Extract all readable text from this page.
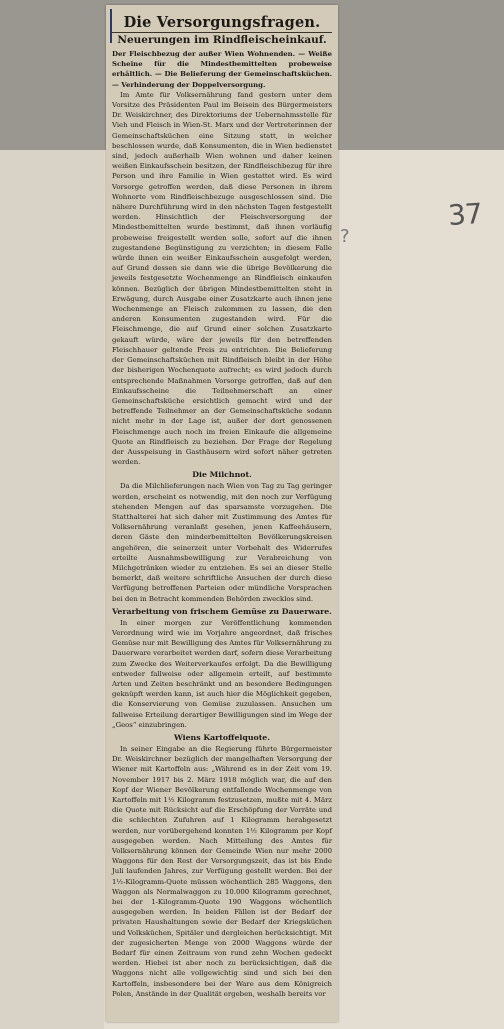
37
?
Die Versorgungsfragen.
Neuerungen im Rindfleischeinkauf.

Der Fleischbezug der außer Wien Wohnenden. — Weiße Scheine für die Mindestbemittelten probeweise erhältlich. — Die Belieferung der Gemeinschaftsküchen. — Verhinderung der Doppelversorgung.

Im Amte für Volksernährung fand gestern unter dem Vorsitze des Präsidenten Paul im Beisein des Bürgermeisters Dr. Weiskirchner, des Direktoriums der Uebernahmsstelle für Vieh und Fleisch in Wien-St. Marx und der Vertreterinnen der Gemeinschaftsküchen eine Sitzung statt, in welcher beschlossen wurde, daß Konsumenten, die in Wien bedienstet sind, jedoch außerhalb Wien wohnen und daher keinen weißen Einkaufsschein besitzen, der Rindfleischbezug für ihre Person und ihre Familie in Wien gestattet wird. Es wird Vorsorge getroffen werden, daß diese Personen in ihrem Wohnorte vom Rindfleischbezuge ausgeschlossen sind. Die nähere Durchführung wird in den nächsten Tagen festgestellt werden. Hinsichtlich der Fleischversorgung der Mindestbemittelten wurde bestimmt, daß ihnen vorläufig probeweise freigestellt werden solle, sofort auf die ihnen zugestandene Begünstigung zu verzichten; in diesem Falle würde ihnen ein weißer Einkaufsschein ausgefolgt werden, auf Grund dessen sie dann wie die übrige Bevölkerung die jeweils festgesetzte Wochenmenge an Rindfleisch einkaufen können. Bezüglich der übrigen Mindestbemittelten steht in Erwägung, durch Ausgabe einer Zusatzkarte auch ihnen jene Wochenmenge an Fleisch zukommen zu lassen, die den anderen Konsumenten zugestanden wird. Für die Fleischmenge, die auf Grund einer solchen Zusatzkarte gekauft würde, wäre der jeweils für den betreffenden Fleischhauer geltende Preis zu entrichten. Die Belieferung der Gemeinschaftsküchen mit Rindfleisch bleibt in der Höhe der bisherigen Wochenquote aufrecht; es wird jedoch durch entsprechende Maßnahmen Vorsorge getroffen, daß auf den Einkaufsscheine die Teilnehmerschaft an einer Gemeinschaftsküche ersichtlich gemacht wird und der betreffende Teilnehmer an der Gemeinschaftsküche sodann nicht mehr in der Lage ist, außer der dort genossenen Fleischmenge auch noch im freien Einkaufe die allgemeine Quote an Rindfleisch zu beziehen. Der Frage der Regelung der Ausspeisung in Gasthäusern wird sofort näher getreten werden.

Die Milchnot.

Da die Milchlieferungen nach Wien von Tag zu Tag geringer werden, erscheint es notwendig, mit den noch zur Verfügung stehenden Mengen auf das sparsamste vorzugehen. Die Statthalterei hat sich daher mit Zustimmung des Amtes für Volksernährung veranlaßt gesehen, jenen Kaffeehäusern, deren Gäste den minderbemittelten Bevölkerungskreisen angehören, die seinerzeit unter Vorbehalt des Widerrufes erteilte Ausnahmsbewilligung zur Verabreichung von Milchgetränken wieder zu entziehen. Es sei an dieser Stelle bemerkt, daß weitere schriftliche Ansuchen der durch diese Verfügung betroffenen Parteien oder mündliche Vorsprachen bei den in Betracht kommenden Behörden zwecklos sind.

Verarbeitung von frischem Gemüse zu Dauerware.

In einer morgen zur Veröffentlichung kommenden Verordnung wird wie im Vorjahre angeordnet, daß frisches Gemüse nur mit Bewilligung des Amtes für Volksernährung zu Dauerware verarbeitet werden darf, sofern diese Verarbeitung zum Zwecke des Weiterverkaufes erfolgt. Da die Bewilligung entweder fallweise oder allgemein erteilt, auf bestimmte Arten und Zeiten beschränkt und an besondere Bedingungen geknüpft werden kann, ist auch hier die Möglichkeit gegeben, die Konservierung von Gemüse zuzulassen. Ansuchen um fallweise Erteilung derartiger Bewilligungen sind im Wege der „Geos“ einzubringen.

Wiens Kartoffelquote.

In seiner Eingabe an die Regierung führte Bürgermeister Dr. Weiskirchner bezüglich der mangelhaften Versorgung der Wiener mit Kartoffeln aus: „Während es in der Zeit vom 19. November 1917 bis 2. März 1918 möglich war, die auf den Kopf der Wiener Bevölkerung entfallende Wochenmenge von Kartoffeln mit 1½ Kilogramm festzusetzen, mußte mit 4. März die Quote mit Rücksicht auf die Erschöpfung der Vorräte und die schlechten Zufuhren auf 1 Kilogramm herabgesetzt werden, nur vorübergehend konnten 1½ Kilogramm per Kopf ausgegeben werden. Nach Mitteilung des Amtes für Volksernährung können der Gemeinde Wien nur mehr 2000 Waggons für den Rest der Versorgungszeit, das ist bis Ende Juli laufenden Jahres, zur Verfügung gestellt werden. Bei der 1½-Kilogramm-Quote müssen wöchentlich 285 Waggons, den Waggon als Normalwaggon zu 10.000 Kilogramm gerechnet, bei der 1-Kilogramm-Quote 190 Waggons wöchentlich ausgegeben werden. In beiden Fällen ist der Bedarf der privaten Haushaltungen sowie der Bedarf der Kriegsküchen und Volksküchen, Spitäler und dergleichen berücksichtigt. Mit der zugesicherten Menge von 2000 Waggons würde der Bedarf für einen Zeitraum von rund zehn Wochen gedeckt werden. Hiebei ist aber noch zu berücksichtigen, daß die Waggons nicht alle vollgewichtig sind und sich bei den Kartoffeln, insbesondere bei der Ware aus dem Königreich Polen, Anstände in der Qualität ergeben, weshalb bereits vor
